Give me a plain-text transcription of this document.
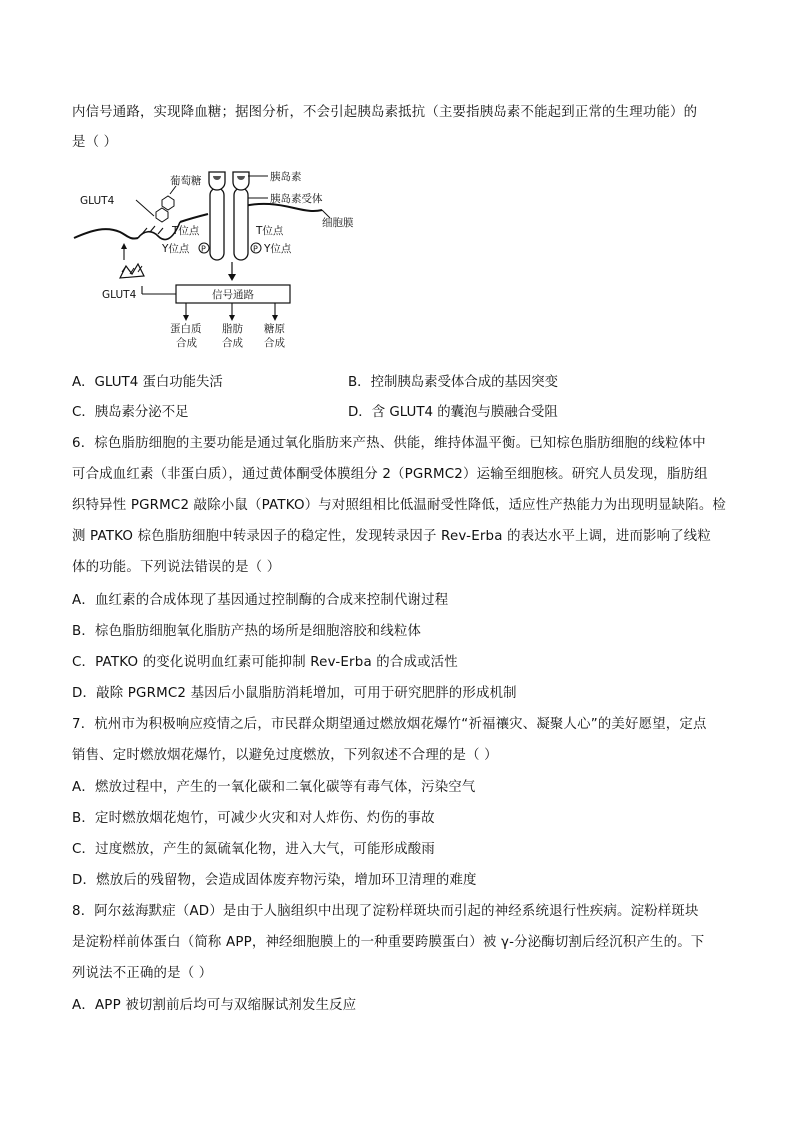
内信号通路，实现降血糖；据图分析，不会引起胰岛素抵抗（主要指胰岛素不能起到正常的生理功能）的
是（ ）
胰岛素
胰岛素受体
细胞膜
T位点	T位点
Y位点	Y位点
P	P
信号通路
蛋白质
合成
脂肪
合成
糖原
合成
GLUT4
GLUT4
葡萄糖
A．GLUT4 蛋白功能失活	B．控制胰岛素受体合成的基因突变
C．胰岛素分泌不足	D．含 GLUT4 的囊泡与膜融合受阻
6．棕色脂肪细胞的主要功能是通过氧化脂肪来产热、供能，维持体温平衡。已知棕色脂肪细胞的线粒体中
可合成血红素（非蛋白质），通过黄体酮受体膜组分 2（PGRMC2）运输至细胞核。研究人员发现，脂肪组
织特异性 PGRMC2 敲除小鼠（PATKO）与对照组相比低温耐受性降低，适应性产热能力为出现明显缺陷。检
测 PATKO 棕色脂肪细胞中转录因子的稳定性，发现转录因子 Rev-Erba 的表达水平上调，进而影响了线粒
体的功能。下列说法错误的是（ ）
A．血红素的合成体现了基因通过控制酶的合成来控制代谢过程
B．棕色脂肪细胞氧化脂肪产热的场所是细胞溶胶和线粒体
C．PATKO 的变化说明血红素可能抑制 Rev-Erba 的合成或活性
D．敲除 PGRMC2 基因后小鼠脂肪消耗增加，可用于研究肥胖的形成机制
7．杭州市为积极响应疫情之后，市民群众期望通过燃放烟花爆竹“祈福禳灾、凝聚人心”的美好愿望，定点
销售、定时燃放烟花爆竹，以避免过度燃放，下列叙述不合理的是（ ）
A．燃放过程中，产生的一氧化碳和二氧化碳等有毒气体，污染空气
B．定时燃放烟花炮竹，可减少火灾和对人炸伤、灼伤的事故
C．过度燃放，产生的氮硫氧化物，进入大气，可能形成酸雨
D．燃放后的残留物，会造成固体废弃物污染，增加环卫清理的难度
8．阿尔兹海默症（AD）是由于人脑组织中出现了淀粉样斑块而引起的神经系统退行性疾病。淀粉样斑块
是淀粉样前体蛋白（简称 APP，神经细胞膜上的一种重要跨膜蛋白）被 γ-分泌酶切割后经沉积产生的。下
列说法不正确的是（ ）
A．APP 被切割前后均可与双缩脲试剂发生反应
